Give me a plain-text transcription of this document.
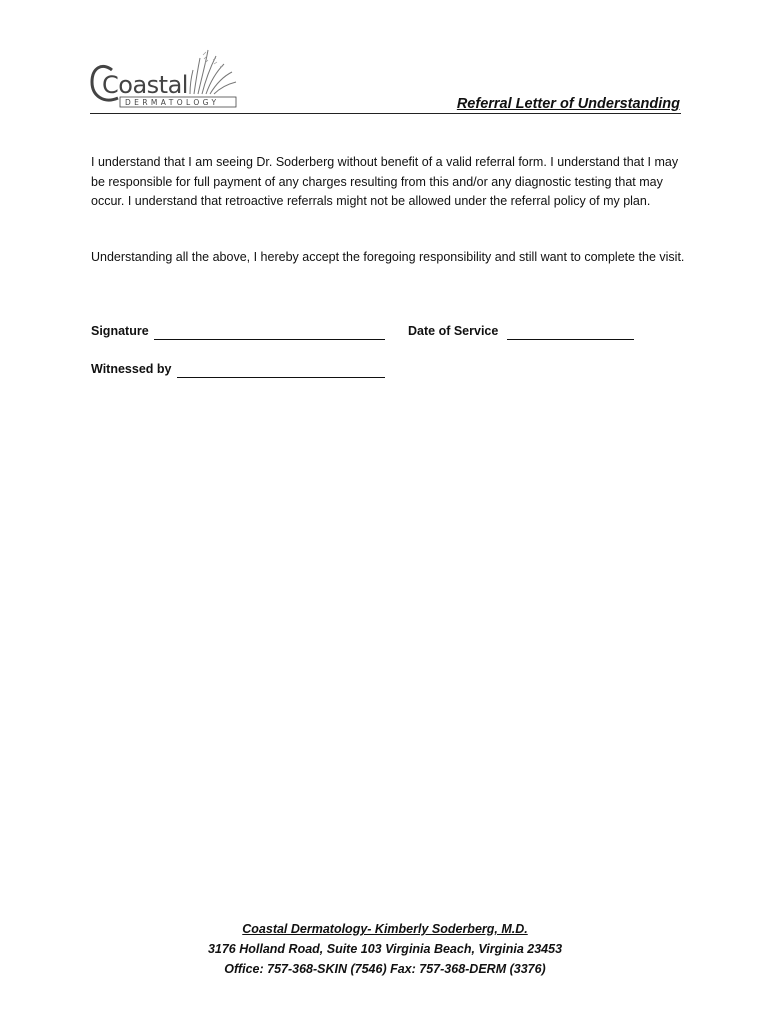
Coastal
DERMATOLOGY	Referral Letter of Understanding

I understand that I am seeing Dr. Soderberg without benefit of a valid referral form. I understand that I may be responsible for full payment of any charges resulting from this and/or any diagnostic testing that may occur. I understand that retroactive referrals might not be allowed under the referral policy of my plan.

Understanding all the above, I hereby accept the foregoing responsibility and still want to complete the visit.

Signature	Date of Service
Witnessed by
Coastal Dermatology- Kimberly Soderberg, M.D.
3176 Holland Road, Suite 103 Virginia Beach, Virginia 23453
Office: 757-368-SKIN (7546) Fax: 757-368-DERM (3376)
